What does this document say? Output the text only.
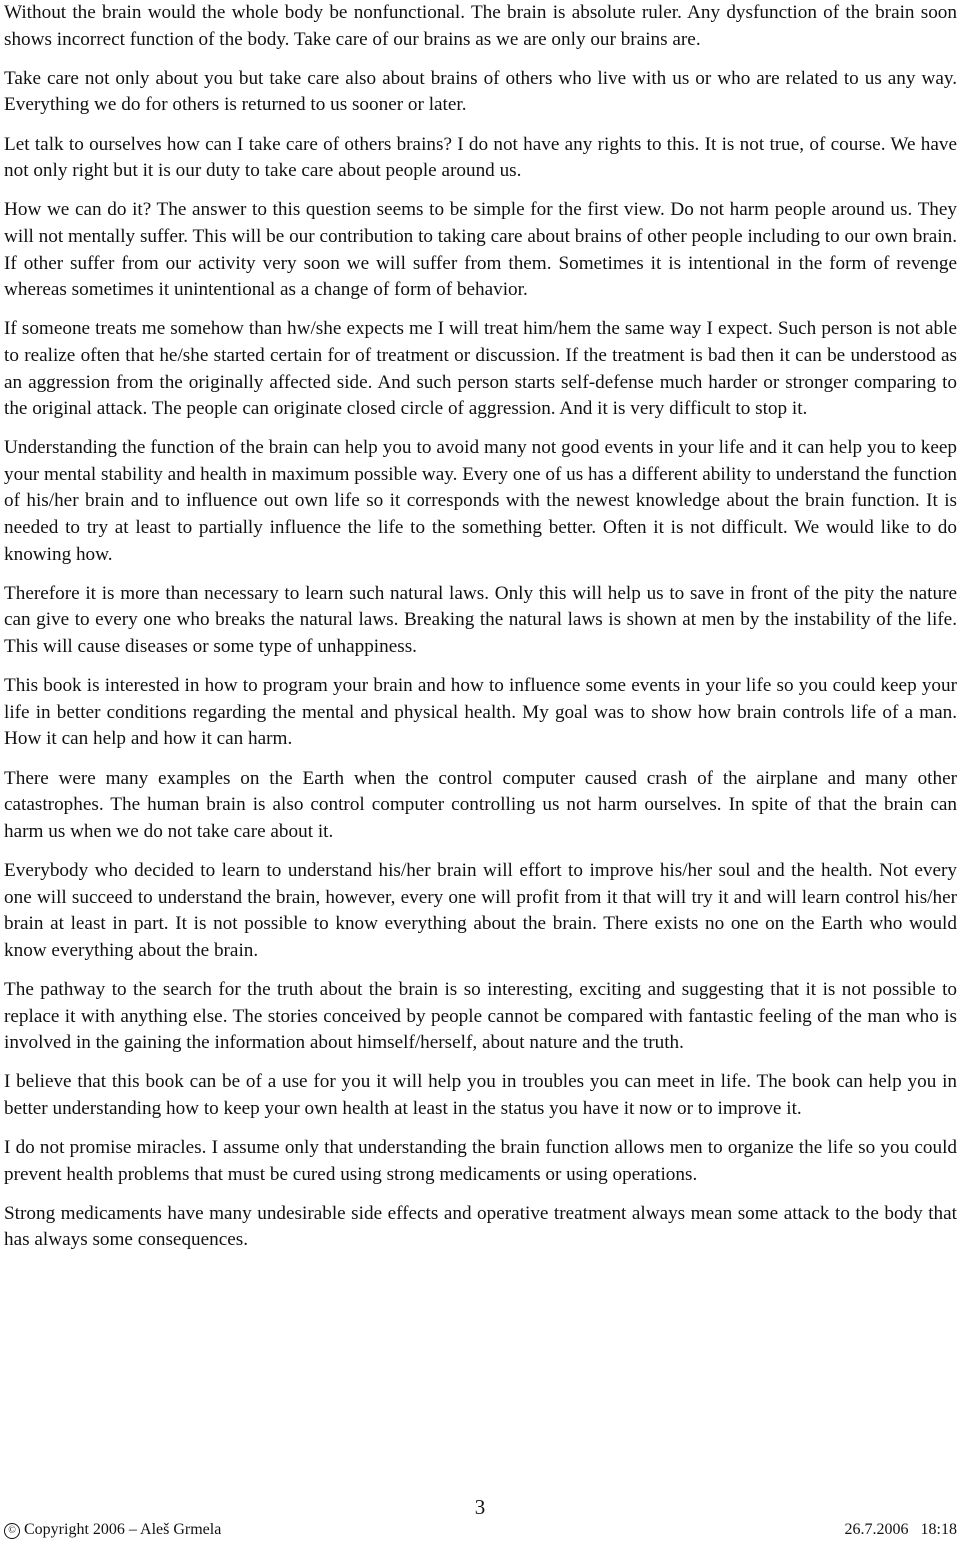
Without the brain would the whole body be nonfunctional. The brain is absolute ruler. Any dysfunction of the brain soon shows incorrect function of the body. Take care of our brains as we are only our brains are.

Take care not only about you but take care also about brains of others who live with us or who are related to us any way. Everything we do for others is returned to us sooner or later.

Let talk to ourselves how can I take care of others brains? I do not have any rights to this. It is not true, of course. We have not only right but it is our duty to take care about people around us.

How we can do it? The answer to this question seems to be simple for the first view. Do not harm people around us. They will not mentally suffer. This will be our contribution to taking care about brains of other people including to our own brain. If other suffer from our activity very soon we will suffer from them. Sometimes it is intentional in the form of revenge whereas sometimes it unintentional as a change of form of behavior.

If someone treats me somehow than hw/she expects me I will treat him/hem the same way I expect. Such person is not able to realize often that he/she started certain for of treatment or discussion. If the treatment is bad then it can be understood as an aggression from the originally affected side. And such person starts self-defense much harder or stronger comparing to the original attack. The people can originate closed circle of aggression. And it is very difficult to stop it.

Understanding the function of the brain can help you to avoid many not good events in your life and it can help you to keep your mental stability and health in maximum possible way. Every one of us has a different ability to understand the function of his/her brain and to influence out own life so it corresponds with the newest knowledge about the brain function. It is needed to try at least to partially influence the life to the something better. Often it is not difficult. We would like to do knowing how.

Therefore it is more than necessary to learn such natural laws. Only this will help us to save in front of the pity the nature can give to every one who breaks the natural laws. Breaking the natural laws is shown at men by the instability of the life. This will cause diseases or some type of unhappiness.

This book is interested in how to program your brain and how to influence some events in your life so you could keep your life in better conditions regarding the mental and physical health. My goal was to show how brain controls life of a man. How it can help and how it can harm.

There were many examples on the Earth when the control computer caused crash of the airplane and many other catastrophes. The human brain is also control computer controlling us not harm ourselves. In spite of that the brain can harm us when we do not take care about it.

Everybody who decided to learn to understand his/her brain will effort to improve his/her soul and the health. Not every one will succeed to understand the brain, however, every one will profit from it that will try it and will learn control his/her brain at least in part. It is not possible to know everything about the brain. There exists no one on the Earth who would know everything about the brain.

The pathway to the search for the truth about the brain is so interesting, exciting and suggesting that it is not possible to replace it with anything else. The stories conceived by people cannot be compared with fantastic feeling of the man who is involved in the gaining the information about himself/herself, about nature and the truth.

I believe that this book can be of a use for you it will help you in troubles you can meet in life. The book can help you in better understanding how to keep your own health at least in the status you have it now or to improve it.

I do not promise miracles. I assume only that understanding the brain function allows men to organize the life so you could prevent health problems that must be cured using strong medicaments or using operations.

Strong medicaments have many undesirable side effects and operative treatment always mean some attack to the body that has always some consequences.

3
© Copyright 2006 – Aleš Grmela	26.7.2006 18:18
